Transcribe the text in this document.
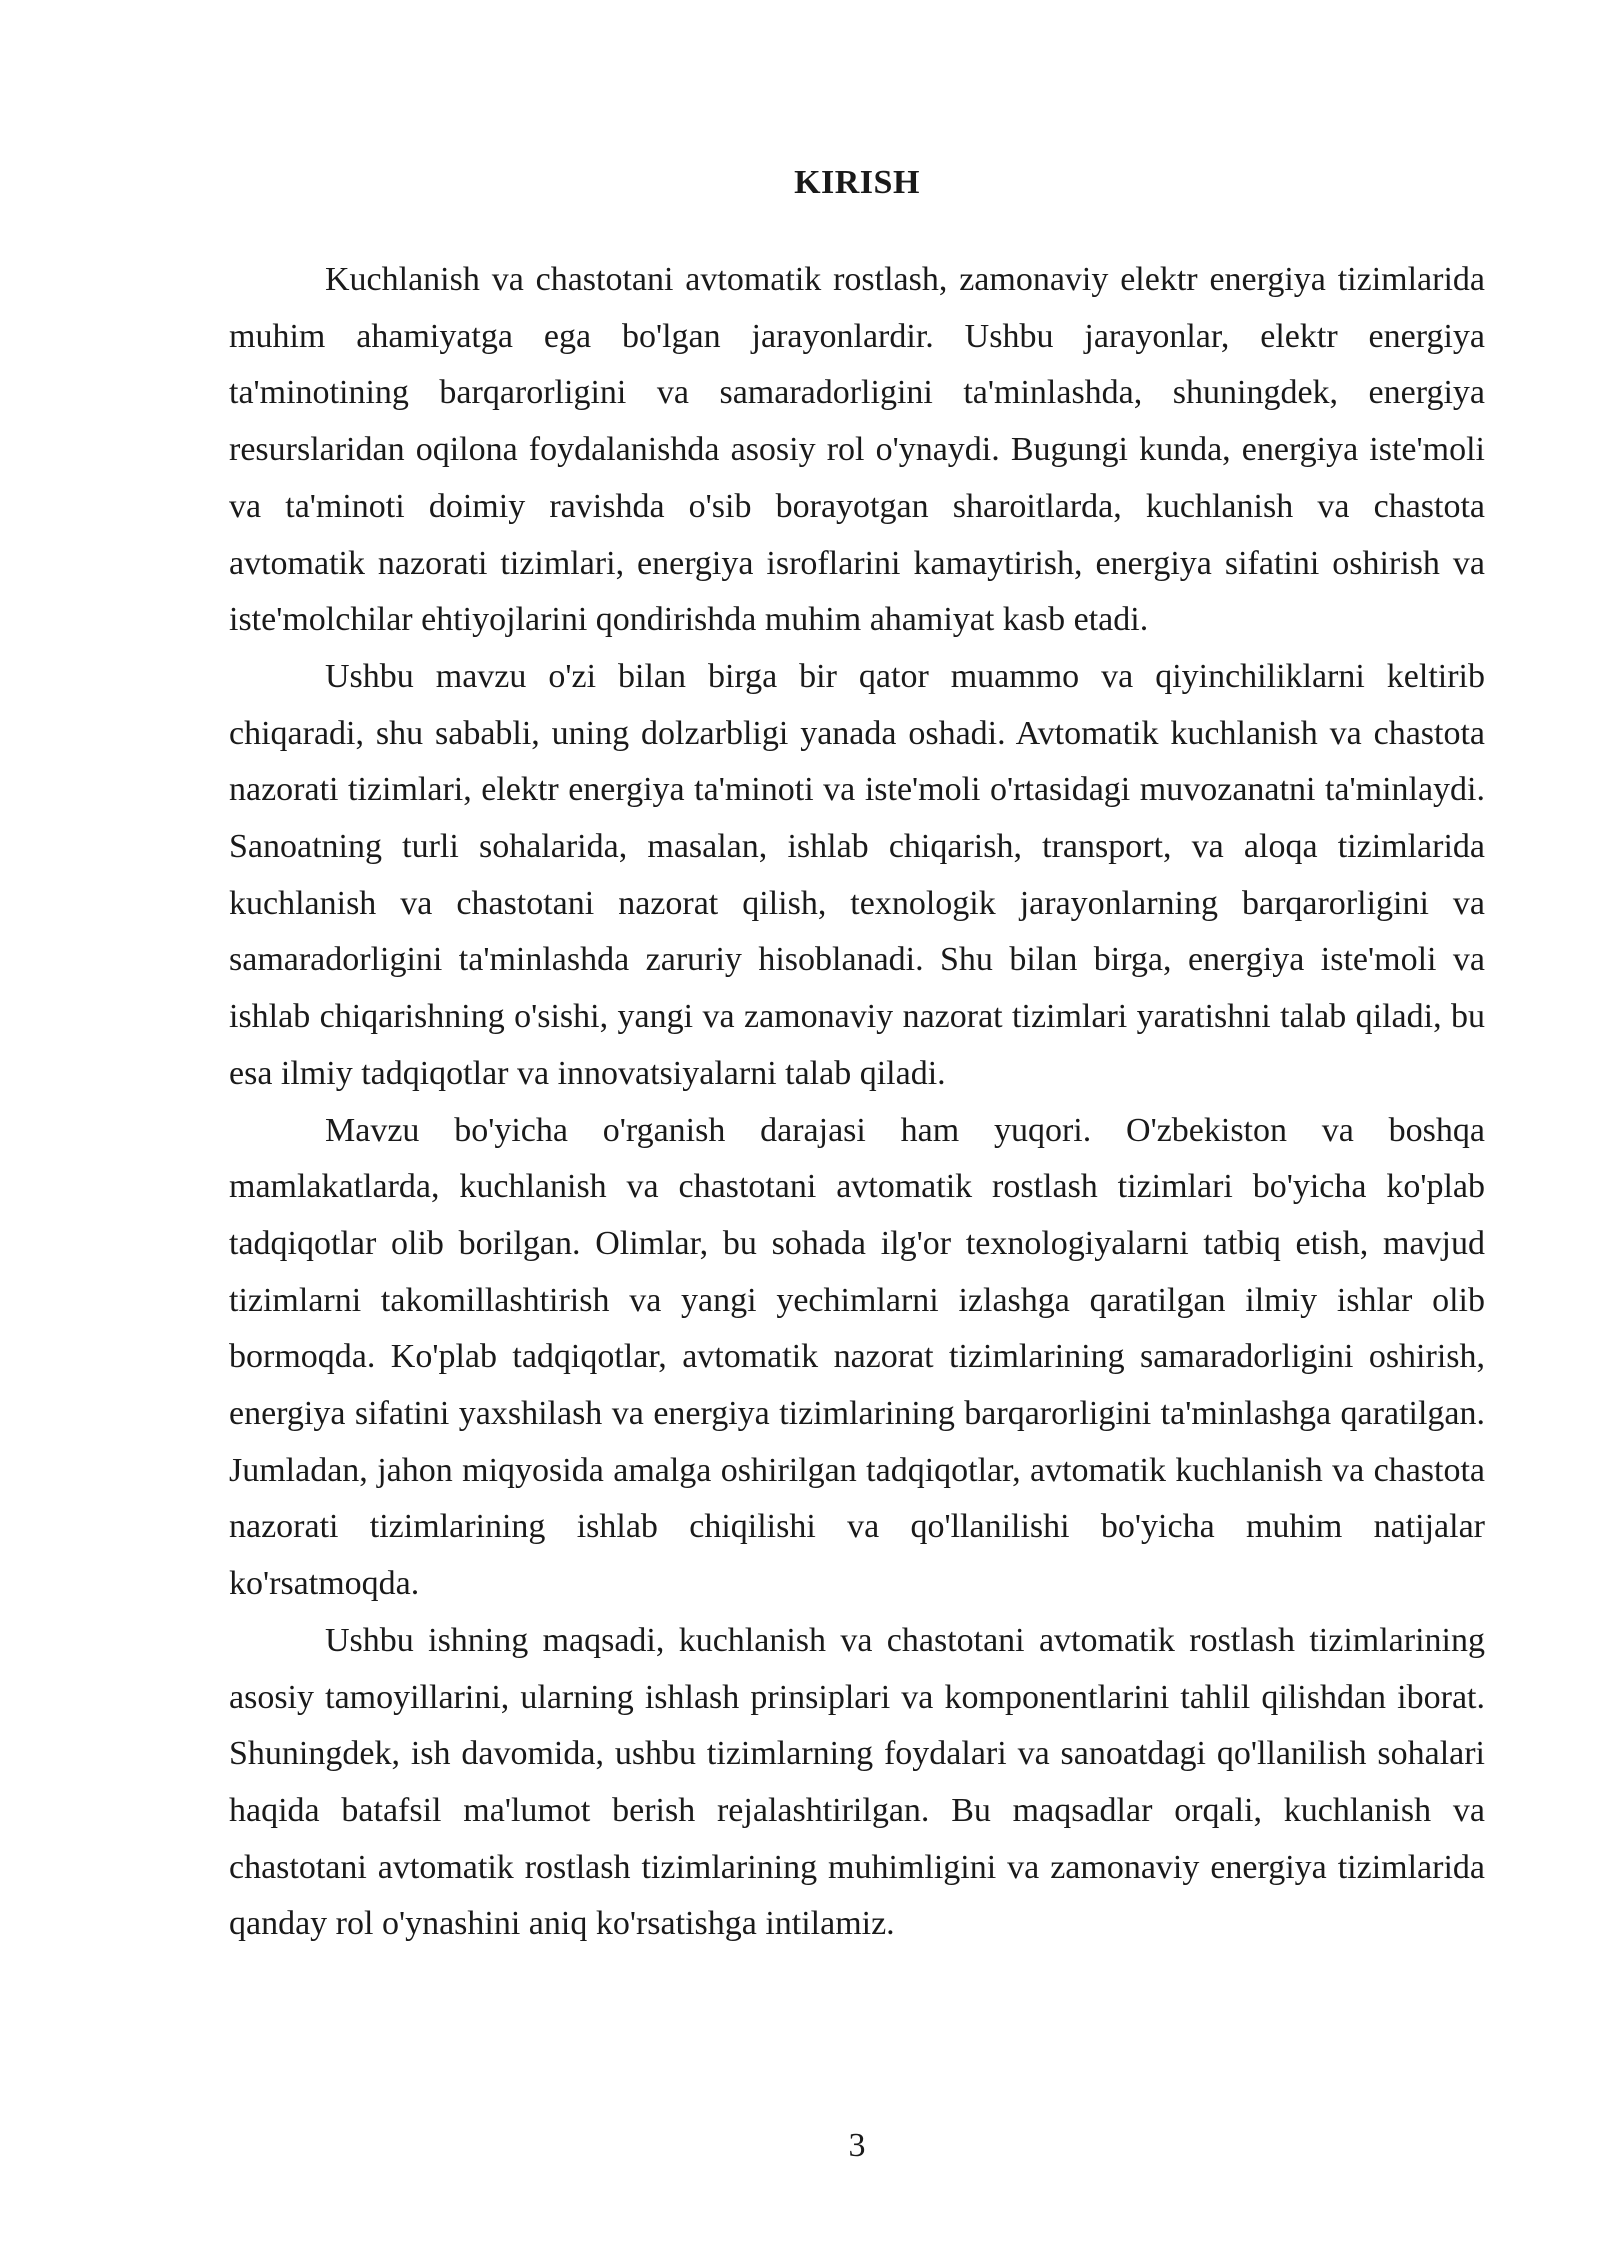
KIRISH

Kuchlanish va chastotani avtomatik rostlash, zamonaviy elektr energiya tizimlarida muhim ahamiyatga ega bo'lgan jarayonlardir. Ushbu jarayonlar, elektr energiya ta'minotining barqarorligini va samaradorligini ta'minlashda, shuningdek, energiya resurslaridan oqilona foydalanishda asosiy rol o'ynaydi. Bugungi kunda, energiya iste'moli va ta'minoti doimiy ravishda o'sib borayotgan sharoitlarda, kuchlanish va chastota avtomatik nazorati tizimlari, energiya isroflarini kamaytirish, energiya sifatini oshirish va iste'molchilar ehtiyojlarini qondirishda muhim ahamiyat kasb etadi.

Ushbu mavzu o'zi bilan birga bir qator muammo va qiyinchiliklarni keltirib chiqaradi, shu sababli, uning dolzarbligi yanada oshadi. Avtomatik kuchlanish va chastota nazorati tizimlari, elektr energiya ta'minoti va iste'moli o'rtasidagi muvozanatni ta'minlaydi. Sanoatning turli sohalarida, masalan, ishlab chiqarish, transport, va aloqa tizimlarida kuchlanish va chastotani nazorat qilish, texnologik jarayonlarning barqarorligini va samaradorligini ta'minlashda zaruriy hisoblanadi. Shu bilan birga, energiya iste'moli va ishlab chiqarishning o'sishi, yangi va zamonaviy nazorat tizimlari yaratishni talab qiladi, bu esa ilmiy tadqiqotlar va innovatsiyalarni talab qiladi.

Mavzu bo'yicha o'rganish darajasi ham yuqori. O'zbekiston va boshqa mamlakatlarda, kuchlanish va chastotani avtomatik rostlash tizimlari bo'yicha ko'plab tadqiqotlar olib borilgan. Olimlar, bu sohada ilg'or texnologiyalarni tatbiq etish, mavjud tizimlarni takomillashtirish va yangi yechimlarni izlashga qaratilgan ilmiy ishlar olib bormoqda. Ko'plab tadqiqotlar, avtomatik nazorat tizimlarining samaradorligini oshirish, energiya sifatini yaxshilash va energiya tizimlarining barqarorligini ta'minlashga qaratilgan. Jumladan, jahon miqyosida amalga oshirilgan tadqiqotlar, avtomatik kuchlanish va chastota nazorati tizimlarining ishlab chiqilishi va qo'llanilishi bo'yicha muhim natijalar ko'rsatmoqda.

Ushbu ishning maqsadi, kuchlanish va chastotani avtomatik rostlash tizimlarining asosiy tamoyillarini, ularning ishlash prinsiplari va komponentlarini tahlil qilishdan iborat. Shuningdek, ish davomida, ushbu tizimlarning foydalari va sanoatdagi qo'llanilish sohalari haqida batafsil ma'lumot berish rejalashtirilgan. Bu maqsadlar orqali, kuchlanish va chastotani avtomatik rostlash tizimlarining muhimligini va zamonaviy energiya tizimlarida qanday rol o'ynashini aniq ko'rsatishga intilamiz.

3
